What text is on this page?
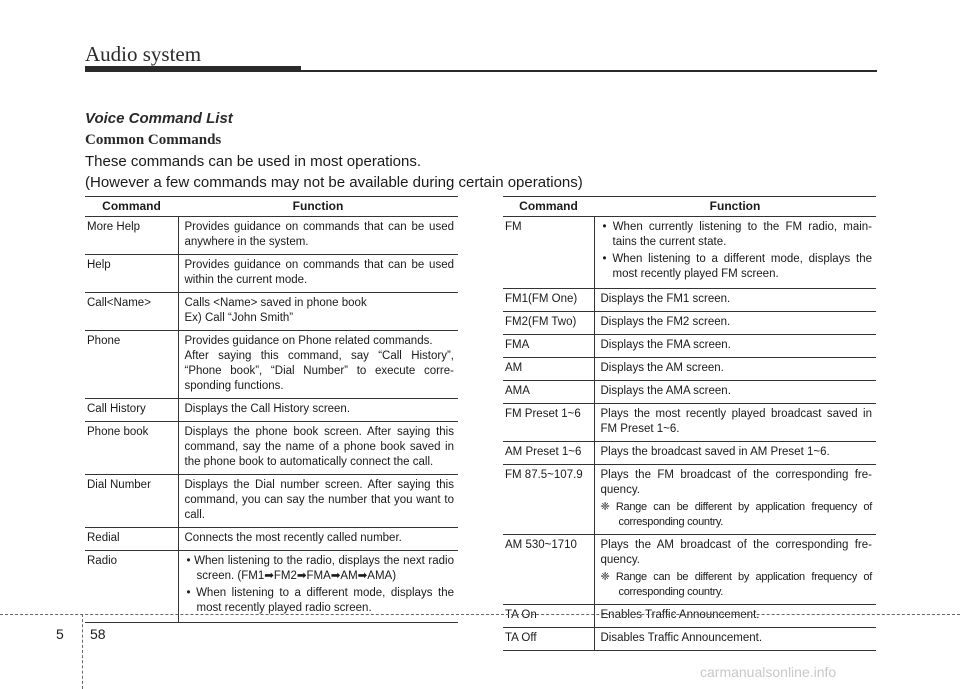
Audio system
Voice Command List
Common Commands
These commands can be used in most operations.
(However a few commands may not be available during certain operations)
Command	Function
More Help	Provides guidance on commands that can be used anywhere in the system.

Help	Provides guidance on commands that can be used within the current mode.

Call<Name>	Calls <Name> saved in phone book
Ex) Call “John Smith”

Phone	Provides guidance on Phone related commands.
After saying this command, say “Call History”, “Phone book”, “Dial Number” to execute corre-sponding functions.

Call History	Displays the Call History screen.

Phone book	Displays the phone book screen. After saying this command, say the name of a phone book saved in the phone book to automatically connect the call.

Dial Number	Displays the Dial number screen. After saying this command, you can say the number that you want to call.

Redial	Connects the most recently called number.

Radio	• When listening to the radio, displays the next radio screen. (FM1➡FM2➡FMA➡AM➡AMA)
• When listening to a different mode, displays the most recently played radio screen.
Command	Function
FM	• When currently listening to the FM radio, main-tains the current state.
• When listening to a different mode, displays the most recently played FM screen.

FM1(FM One)	Displays the FM1 screen.

FM2(FM Two)	Displays the FM2 screen.

FMA	Displays the FMA screen.

AM	Displays the AM screen.

AMA	Displays the AMA screen.

FM Preset 1~6	Plays the most recently played broadcast saved in FM Preset 1~6.

AM Preset 1~6	Plays the broadcast saved in AM Preset 1~6.

FM 87.5~107.9	Plays the FM broadcast of the corresponding fre-quency.
❈ Range can be different by application frequency of corresponding country.

AM 530~1710	Plays the AM broadcast of the corresponding fre-quency.
❈ Range can be different by application frequency of corresponding country.

TA On	Enables Traffic Announcement.

TA Off	Disables Traffic Announcement.
5 58
carmanualsonline.info
